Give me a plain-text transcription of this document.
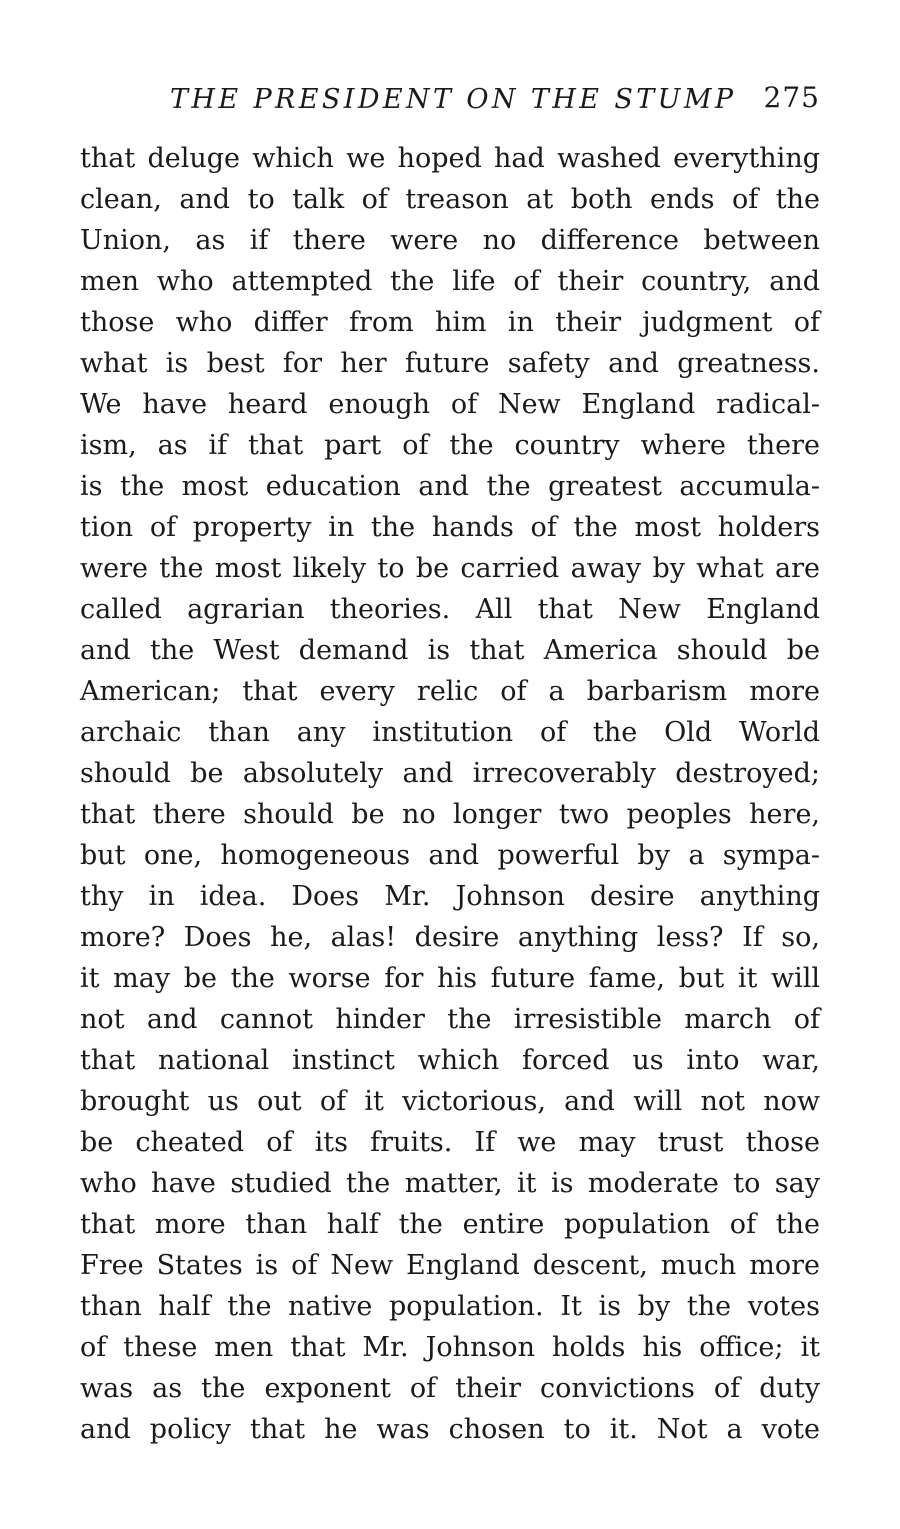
THE PRESIDENT ON THE STUMP 275
that deluge which we hoped had washed everything
clean, and to talk of treason at both ends of the
Union, as if there were no difference between
men who attempted the life of their country, and
those who differ from him in their judgment of
what is best for her future safety and greatness.
We have heard enough of New England radical-
ism, as if that part of the country where there
is the most education and the greatest accumula-
tion of property in the hands of the most holders
were the most likely to be carried away by what are
called agrarian theories. All that New England
and the West demand is that America should be
American; that every relic of a barbarism more
archaic than any institution of the Old World
should be absolutely and irrecoverably destroyed;
that there should be no longer two peoples here,
but one, homogeneous and powerful by a sympa-
thy in idea. Does Mr. Johnson desire anything
more? Does he, alas! desire anything less? If so,
it may be the worse for his future fame, but it will
not and cannot hinder the irresistible march of
that national instinct which forced us into war,
brought us out of it victorious, and will not now
be cheated of its fruits. If we may trust those
who have studied the matter, it is moderate to say
that more than half the entire population of the
Free States is of New England descent, much more
than half the native population. It is by the votes
of these men that Mr. Johnson holds his office; it
was as the exponent of their convictions of duty
and policy that he was chosen to it. Not a vote
